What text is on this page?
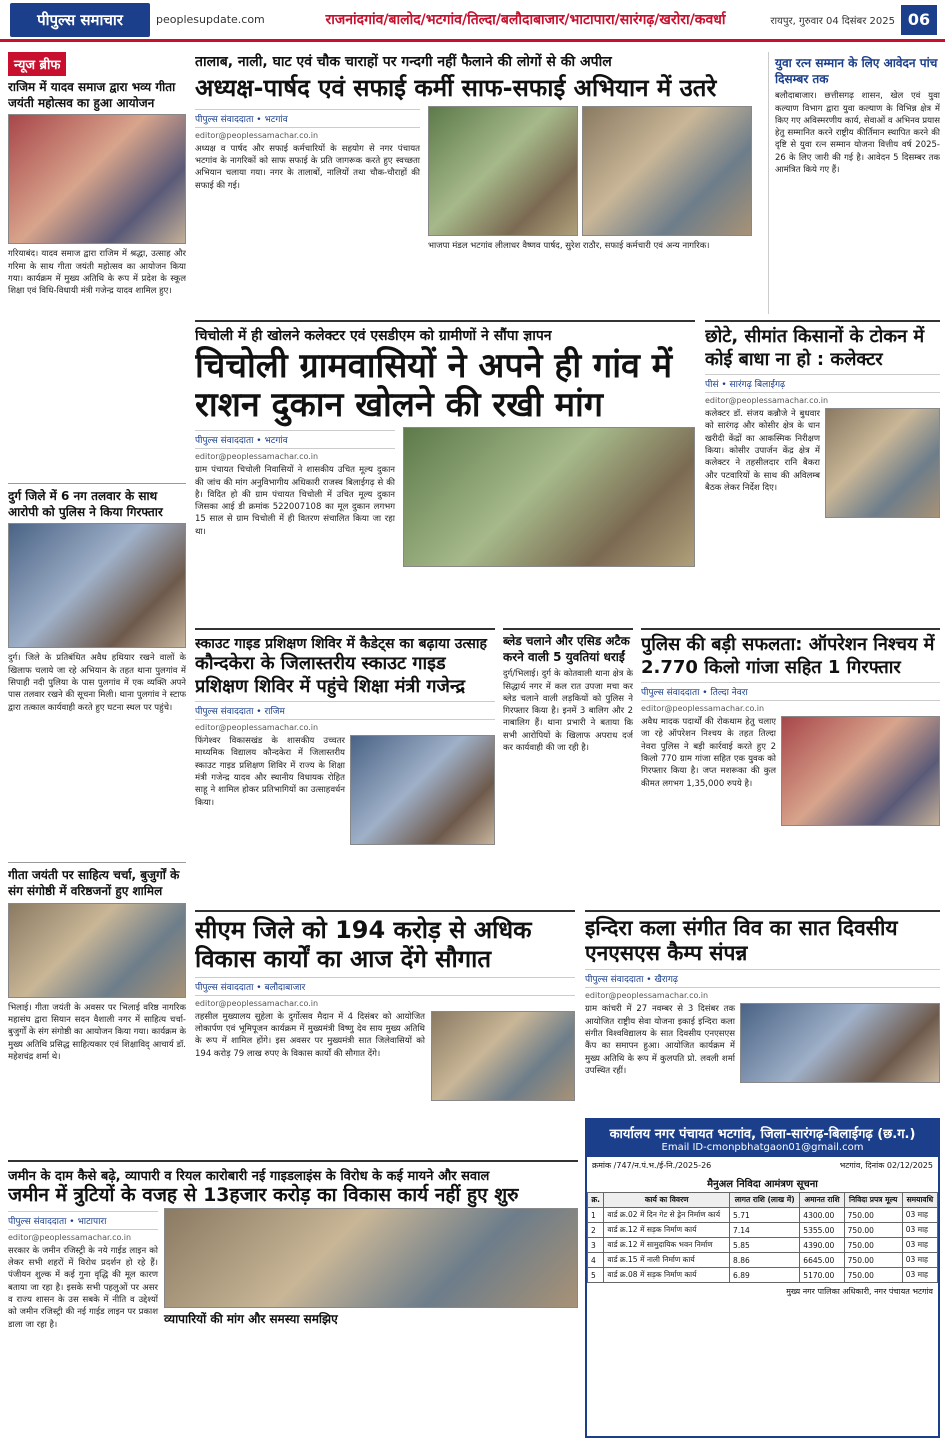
पीपुल्स समाचार	peoplesupdate.com	राजनांदगांव/बालोद/भटगांव/तिल्दा/बलौदाबाजार/भाटापारा/सारंगढ़/खरोरा/कवर्धा	रायपुर, गुरुवार 04 दिसंबर 2025 06
न्यूज ब्रीफ
राजिम में यादव समाज द्वारा भव्य गीता जयंती महोत्सव का हुआ आयोजन

गरियाबंद। यादव समाज द्वारा राजिम में श्रद्धा, उत्साह और गरिमा के साथ गीता जयंती महोत्सव का आयोजन किया गया। कार्यक्रम में मुख्य अतिथि के रूप में प्रदेश के स्कूल शिक्षा एवं विधि-विधायी मंत्री गजेन्द्र यादव शामिल हुए।

दुर्ग जिले में 6 नग तलवार के साथ आरोपी को पुलिस ने किया गिरफ्तार

दुर्ग। जिले के प्रतिबंधित अवैध हथियार रखने वालों के खिलाफ चलाये जा रहे अभियान के तहत थाना पुलगांव में सिपाही नदी पुलिया के पास पुलगांव में एक व्यक्ति अपने पास तलवार रखने की सूचना मिली। थाना पुलगांव ने स्टाफ द्वारा तत्काल कार्यवाही करते हुए घटना स्थल पर पहुंचे।

गीता जयंती पर साहित्य चर्चा, बुजुर्गों के संग संगोष्ठी में वरिष्ठजनों हुए शामिल

भिलाई। गीता जयंती के अवसर पर भिलाई वरिष्ठ नागरिक महासंघ द्वारा सियान सदन वैशाली नगर में साहित्य चर्चा-बुजुर्गों के संग संगोष्ठी का आयोजन किया गया। कार्यक्रम के मुख्य अतिथि प्रसिद्ध साहित्यकार एवं शिक्षाविद् आचार्य डॉ. महेशचंद्र शर्मा थे।

तालाब, नाली, घाट एवं चौक चाराहों पर गन्दगी नहीं फैलाने की लोगों से की अपील
अध्यक्ष-पार्षद एवं सफाई कर्मी साफ-सफाई अभियान में उतरे
पीपुल्स संवाददाता • भटगांव
editor@peoplessamachar.co.in

अध्यक्ष व पार्षद और सफाई कर्मचारियों के सहयोग से नगर पंचायत भटगांव के नागरिकों को साफ सफाई के प्रति जागरूक करते हुए स्वच्छता अभियान चलाया गया। नगर के तालाबों, नालियों तथा चौक-चौराहों की सफाई की गई।

भाजपा मंडल भटगांव लीलाधर वैष्णव पार्षद, सुरेश राठौर, सफाई कर्मचारी एवं अन्य नागरिक।

युवा रत्न सम्मान के लिए आवेदन पांच दिसम्बर तक

बलौदाबाजार। छत्तीसगढ़ शासन, खेल एवं युवा कल्याण विभाग द्वारा युवा कल्याण के विभिन्न क्षेत्र में किए गए अविस्मरणीय कार्य, सेवाओं व अभिनव प्रयास हेतु सम्मानित करने राष्ट्रीय कीर्तिमान स्थापित करने की दृष्टि से युवा रत्न सम्मान योजना वित्तीय वर्ष 2025-26 के लिए जारी की गई है। आवेदन 5 दिसम्बर तक आमंत्रित किये गए हैं।

चिचोली में ही खोलने कलेक्टर एवं एसडीएम को ग्रामीणों ने सौंपा ज्ञापन
चिचोली ग्रामवासियों ने अपने ही गांव में राशन दुकान खोलने की रखी मांग
पीपुल्स संवाददाता • भटगांव
editor@peoplessamachar.co.in

ग्राम पंचायत चिचोली निवासियों ने शासकीय उचित मूल्य दुकान की जांच की मांग अनुविभागीय अधिकारी राजस्व बिलाईगढ़ से की है। विदित हो की ग्राम पंचायत चिचोली में उचित मूल्य दुकान जिसका आई डी क्रमांक 522007108 का मूल दुकान लगभग 15 साल से ग्राम चिचोली में ही वितरण संचालित किया जा रहा था।

छोटे, सीमांत किसानों के टोकन में कोई बाधा ना हो : कलेक्टर
पीसं • सारंगढ़ बिलाईगढ़
editor@peoplessamachar.co.in

कलेक्टर डॉ. संजय कन्नौजे ने बुधवार को सारंगढ़ और कोसीर क्षेत्र के धान खरीदी केंद्रों का आकस्मिक निरीक्षण किया। कोसीर उपार्जन केंद्र क्षेत्र में कलेक्टर ने तहसीलदार रानि बैकरा और पटवारियों के साथ की अविलम्ब बैठक लेकर निर्देश दिए।

स्काउट गाइड प्रशिक्षण शिविर में कैडेट्स का बढ़ाया उत्साह
कौन्दकेरा के जिलास्तरीय स्काउट गाइड प्रशिक्षण शिविर में पहुंचे शिक्षा मंत्री गजेन्द्र
पीपुल्स संवाददाता • राजिम
editor@peoplessamachar.co.in

फिंगेश्वर विकासखंड के शासकीय उच्चतर माध्यमिक विद्यालय कौन्दकेरा में जिलास्तरीय स्काउट गाइड प्रशिक्षण शिविर में राज्य के शिक्षा मंत्री गजेन्द्र यादव और स्थानीय विधायक रोहित साहू ने शामिल होकर प्रतिभागियों का उत्साहवर्धन किया।

ब्लेड चलाने और एसिड अटैक करने वाली 5 युवतियां धराईं

दुर्ग/भिलाई। दुर्ग के कोतवाली थाना क्षेत्र के सिद्धार्थ नगर में कल रात उपजा मचा कर ब्लेड चलाने वाली लड़कियों को पुलिस ने गिरफ्तार किया है। इनमें 3 बालिग और 2 नाबालिग हैं। थाना प्रभारी ने बताया कि सभी आरोपियों के खिलाफ अपराध दर्ज कर कार्यवाही की जा रही है।

पुलिस की बड़ी सफलता: ऑपरेशन निश्चय में 2.770 किलो गांजा सहित 1 गिरफ्तार
पीपुल्स संवाददाता • तिल्दा नेवरा
editor@peoplessamachar.co.in

अवैध मादक पदार्थों की रोकथाम हेतु चलाए जा रहे ऑपरेशन निश्चय के तहत तिल्दा नेवरा पुलिस ने बड़ी कार्रवाई करते हुए 2 किलो 770 ग्राम गांजा सहित एक युवक को गिरफ्तार किया है। जप्त मशरूका की कुल कीमत लगभग 1,35,000 रुपये है।

सीएम जिले को 194 करोड़ से अधिक विकास कार्यों का आज देंगे सौगात
पीपुल्स संवाददाता • बलौदाबाजार
editor@peoplessamachar.co.in

तहसील मुख्यालय सुहेला के दुर्गोत्सव मैदान में 4 दिसंबर को आयोजित लोकार्पण एवं भूमिपूजन कार्यक्रम में मुख्यमंत्री विष्णु देव साय मुख्य अतिथि के रूप में शामिल होंगे। इस अवसर पर मुख्यमंत्री सात जिलेवासियों को 194 करोड़ 79 लाख रुपए के विकास कार्यों की सौगात देंगे।

इन्दिरा कला संगीत विव का सात दिवसीय एनएसएस कैम्प संपन्न
पीपुल्स संवाददाता • खैरागढ़
editor@peoplessamachar.co.in

ग्राम कांचरी में 27 नवम्बर से 3 दिसंबर तक आयोजित राष्ट्रीय सेवा योजना इकाई इन्दिरा कला संगीत विश्वविद्यालय के सात दिवसीय एनएसएस कैंप का समापन हुआ। आयोजित कार्यक्रम में मुख्य अतिथि के रूप में कुलपति प्रो. लवली शर्मा उपस्थित रहीं।

जमीन के दाम कैसे बढ़े, व्यापारी व रियल कारोबारी नई गाइडलाइंस के विरोध के कई मायने और सवाल
जमीन में त्रुटियों के वजह से 13हजार करोड़ का विकास कार्य नहीं हुए शुरु
पीपुल्स संवाददाता • भाटापारा
editor@peoplessamachar.co.in

सरकार के जमीन रजिस्ट्री के नये गाईड लाइन को लेकर सभी शहरों में विरोध प्रदर्शन हो रहे हैं। पंजीयन शुल्क में कई गुना वृद्धि की मूल कारण बताया जा रहा है। इसके सभी पहलुओं पर असर व राज्य शासन के उस सबके में नीति व उद्देश्यों को जमीन रजिस्ट्री की नई गाईड लाइन पर प्रकाश डाला जा रहा है।	व्यापारियों की मांग और समस्या समझिए
कार्यालय नगर पंचायत भटगांव, जिला-सारंगढ़-बिलाईगढ़ (छ.ग.)
Email ID-cmonpbhatgaon01@gmail.com
क्रमांक /747/न.पं.भ./ई-नि./2025-26	भटगांव, दिनांक 02/12/2025
मैनुअल निविदा आमंत्रण सूचना
क्र.	कार्य का विवरण	लागत राशि (लाख में)	अमानत राशि	निविदा प्रपत्र मूल्य	समयावधि
1	वार्ड क्र.02 में दिन गेट से ड्रेन निर्माण कार्य	5.71	4300.00	750.00	03 माह
2	वार्ड क्र.12 में सड़क निर्माण कार्य	7.14	5355.00	750.00	03 माह
3	वार्ड क्र.12 में सामुदायिक भवन निर्माण	5.85	4390.00	750.00	03 माह
4	वार्ड क्र.15 में नाली निर्माण कार्य	8.86	6645.00	750.00	03 माह
5	वार्ड क्र.08 में सड़क निर्माण कार्य	6.89	5170.00	750.00	03 माह
मुख्य नगर पालिका अधिकारी, नगर पंचायत भटगांव
